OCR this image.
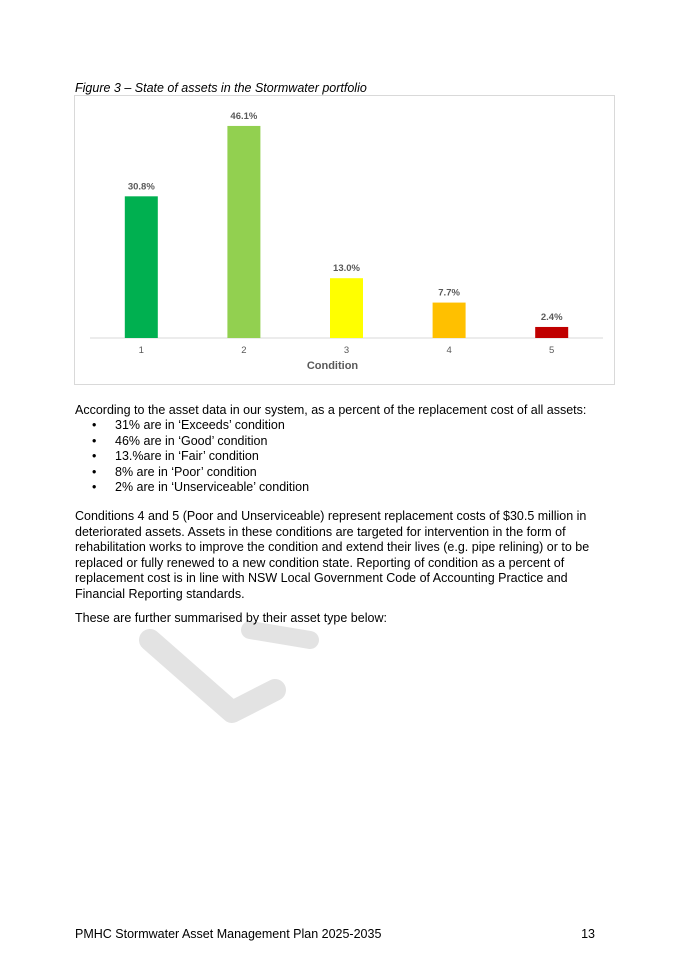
Figure 3 – State of assets in the Stormwater portfolio
30.8%
1
46.1%
2
13.0%
3
7.7%
4
2.4%
5
Condition
According to the asset data in our system, as a percent of the replacement cost of all assets:
• 31% are in ‘Exceeds’ condition
• 46% are in ‘Good’ condition
• 13.%are in ‘Fair’ condition
• 8% are in ‘Poor’ condition
• 2% are in ‘Unserviceable’ condition
Conditions 4 and 5 (Poor and Unserviceable) represent replacement costs of $30.5 million in deteriorated assets. Assets in these conditions are targeted for intervention in the form of rehabilitation works to improve the condition and extend their lives (e.g. pipe relining) or to be replaced or fully renewed to a new condition state. Reporting of condition as a percent of replacement cost is in line with NSW Local Government Code of Accounting Practice and Financial Reporting standards.
These are further summarised by their asset type below:
PMHC Stormwater Asset Management Plan 2025-2035	13
